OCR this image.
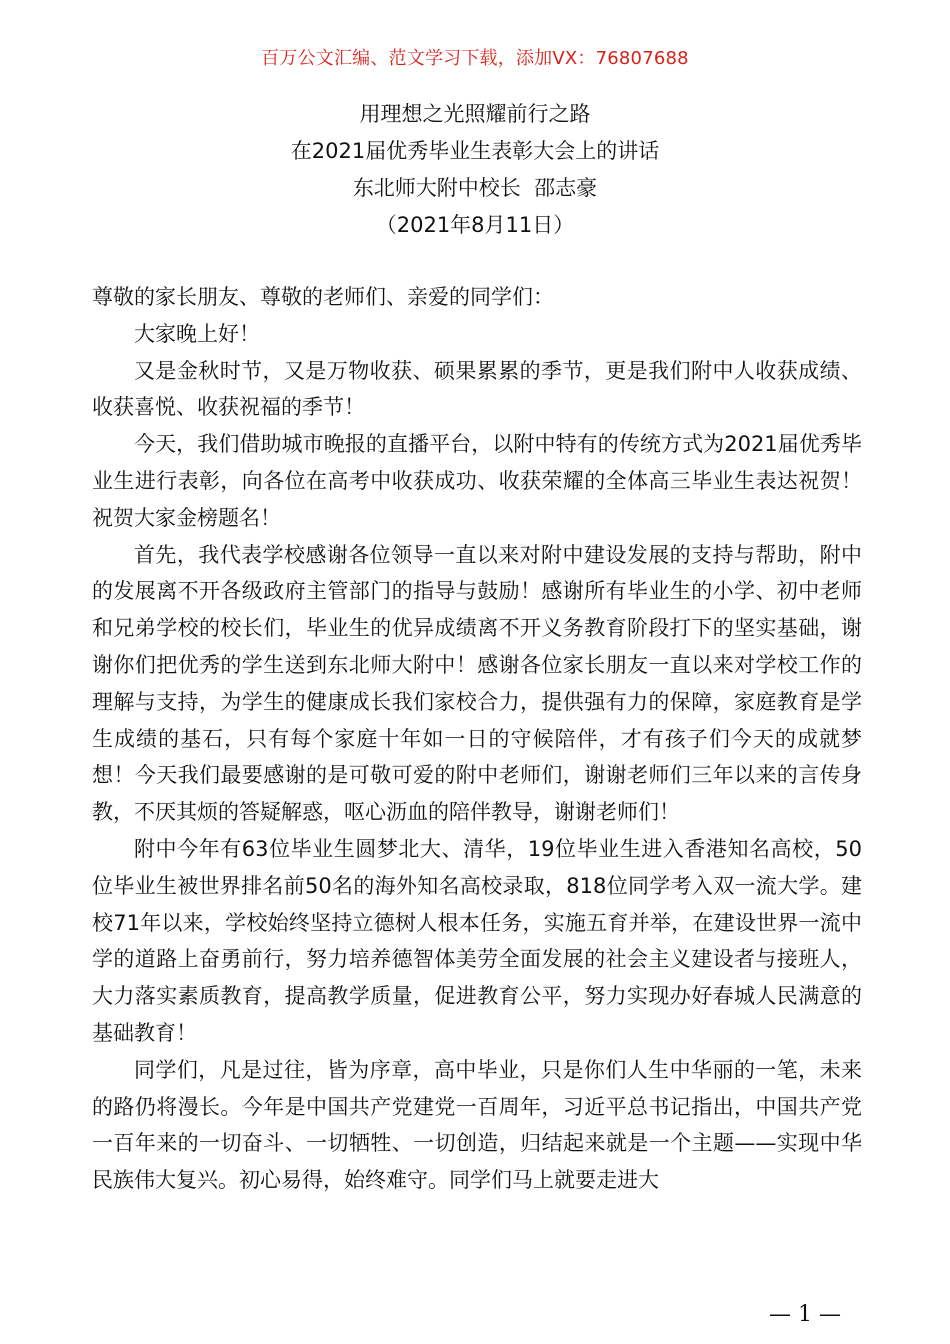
百万公文汇编、范文学习下载，添加VX：76807688
用理想之光照耀前行之路
在2021届优秀毕业生表彰大会上的讲话
东北师大附中校长  邵志豪
（2021年8月11日）

尊敬的家长朋友、尊敬的老师们、亲爱的同学们：

大家晚上好！

又是金秋时节，又是万物收获、硕果累累的季节，更是我们附中人收获成绩、收获喜悦、收获祝福的季节！

今天，我们借助城市晚报的直播平台，以附中特有的传统方式为2021届优秀毕业生进行表彰，向各位在高考中收获成功、收获荣耀的全体高三毕业生表达祝贺！祝贺大家金榜题名！

首先，我代表学校感谢各位领导一直以来对附中建设发展的支持与帮助，附中的发展离不开各级政府主管部门的指导与鼓励！感谢所有毕业生的小学、初中老师和兄弟学校的校长们，毕业生的优异成绩离不开义务教育阶段打下的坚实基础，谢谢你们把优秀的学生送到东北师大附中！感谢各位家长朋友一直以来对学校工作的理解与支持，为学生的健康成长我们家校合力，提供强有力的保障，家庭教育是学生成绩的基石，只有每个家庭十年如一日的守候陪伴，才有孩子们今天的成就梦想！今天我们最要感谢的是可敬可爱的附中老师们，谢谢老师们三年以来的言传身教，不厌其烦的答疑解惑，呕心沥血的陪伴教导，谢谢老师们！

附中今年有63位毕业生圆梦北大、清华，19位毕业生进入香港知名高校，50位毕业生被世界排名前50名的海外知名高校录取，818位同学考入双一流大学。建校71年以来，学校始终坚持立德树人根本任务，实施五育并举，在建设世界一流中学的道路上奋勇前行，努力培养德智体美劳全面发展的社会主义建设者与接班人，大力落实素质教育，提高教学质量，促进教育公平，努力实现办好春城人民满意的基础教育！

同学们，凡是过往，皆为序章，高中毕业，只是你们人生中华丽的一笔，未来的路仍将漫长。今年是中国共产党建党一百周年，习近平总书记指出，中国共产党一百年来的一切奋斗、一切牺牲、一切创造，归结起来就是一个主题——实现中华民族伟大复兴。初心易得，始终难守。同学们马上就要走进大

— 1 —
